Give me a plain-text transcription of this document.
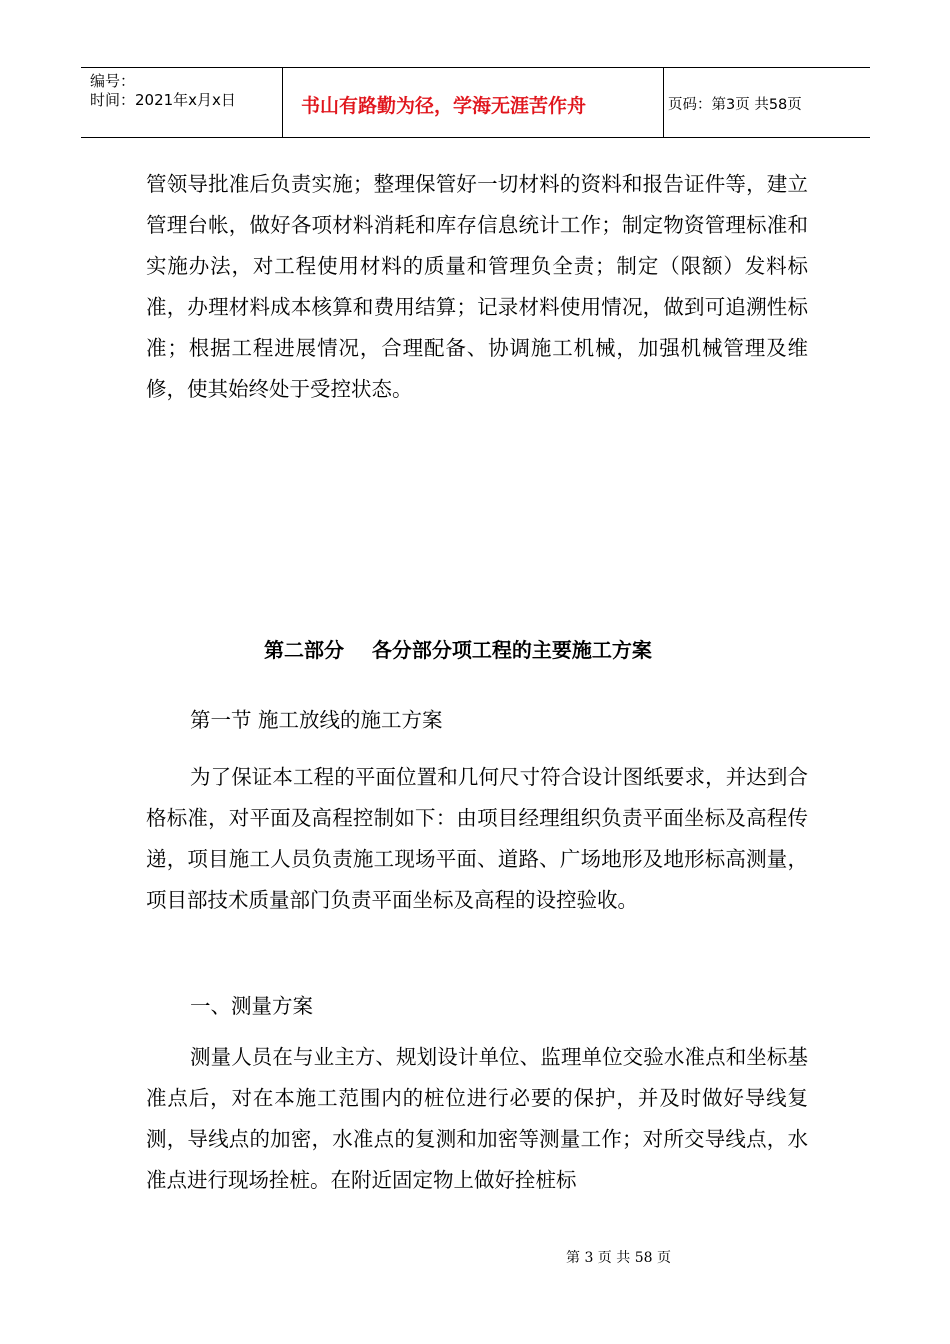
编号：
时间：2021年x月x日	书山有路勤为径，学海无涯苦作舟	页码：第3页 共58页

管领导批准后负责实施；整理保管好一切材料的资料和报告证件等，建立管理台帐，做好各项材料消耗和库存信息统计工作；制定物资管理标准和实施办法，对工程使用材料的质量和管理负全责；制定（限额）发料标准，办理材料成本核算和费用结算；记录材料使用情况，做到可追溯性标准；根据工程进展情况，合理配备、协调施工机械，加强机械管理及维修，使其始终处于受控状态。

第二部分    各分部分项工程的主要施工方案
第一节 施工放线的施工方案

为了保证本工程的平面位置和几何尺寸符合设计图纸要求，并达到合格标准，对平面及高程控制如下：由项目经理组织负责平面坐标及高程传递，项目施工人员负责施工现场平面、道路、广场地形及地形标高测量，项目部技术质量部门负责平面坐标及高程的设控验收。

一、测量方案

测量人员在与业主方、规划设计单位、监理单位交验水准点和坐标基准点后，对在本施工范围内的桩位进行必要的保护，并及时做好导线复测，导线点的加密，水准点的复测和加密等测量工作；对所交导线点，水准点进行现场拴桩。在附近固定物上做好拴桩标

第 3 页 共 58 页
